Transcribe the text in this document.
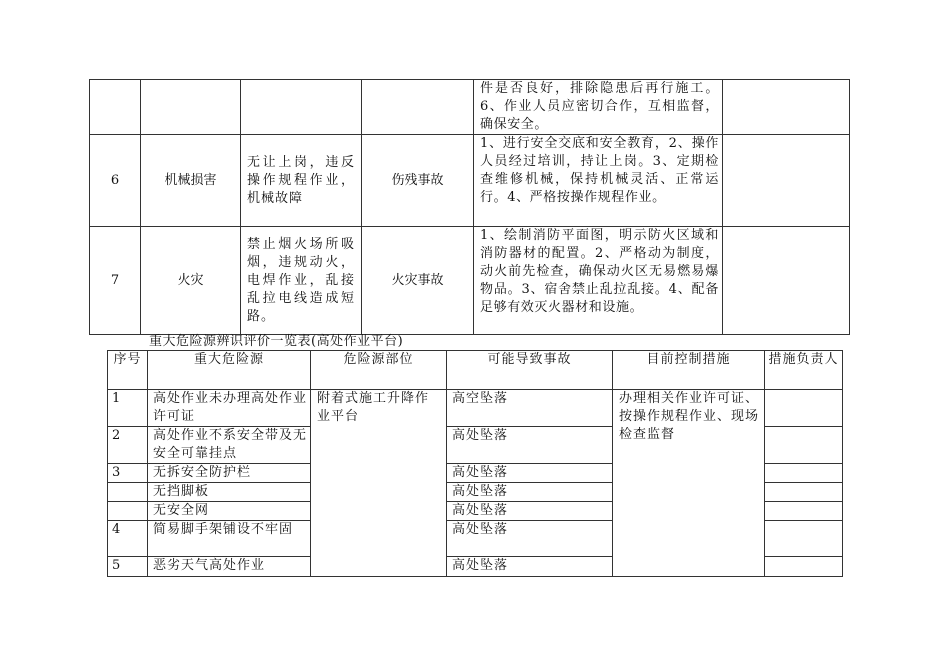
				件是否良好，排除隐患后再行施工。6、作业人员应密切合作，互相监督，确保安全。	
6	机械损害	无让上岗，违反操作规程作业，机械故障	伤残事故	1、进行安全交底和安全教育，2、操作人员经过培训，持让上岗。3、定期检查维修机械，保持机械灵活、正常运行。4、严格按操作规程作业。	
7	火灾	禁止烟火场所吸烟，违规动火，电焊作业，乱接乱拉电线造成短路。	火灾事故	1、绘制消防平面图，明示防火区域和消防器材的配置。2、严格动为制度，动火前先检查，确保动火区无易燃易爆物品。3、宿舍禁止乱拉乱接。4、配备足够有效灭火器材和设施。	
重大危险源辨识评价一览表(高处作业平台)
序号	重大危险源	危险源部位	可能导致事故	目前控制措施	措施负责人
1	高处作业未办理高处作业许可证	附着式施工升降作业平台	高空坠落	办理相关作业许可证、按操作规程作业、现场检查监督	
2	高处作业不系安全带及无安全可靠挂点		高处坠落		
3	无拆安全防护栏		高处坠落		
	无挡脚板		高处坠落		
	无安全网		高处坠落		
4	简易脚手架铺设不牢固		高处坠落		
5	恶劣天气高处作业		高处坠落		
